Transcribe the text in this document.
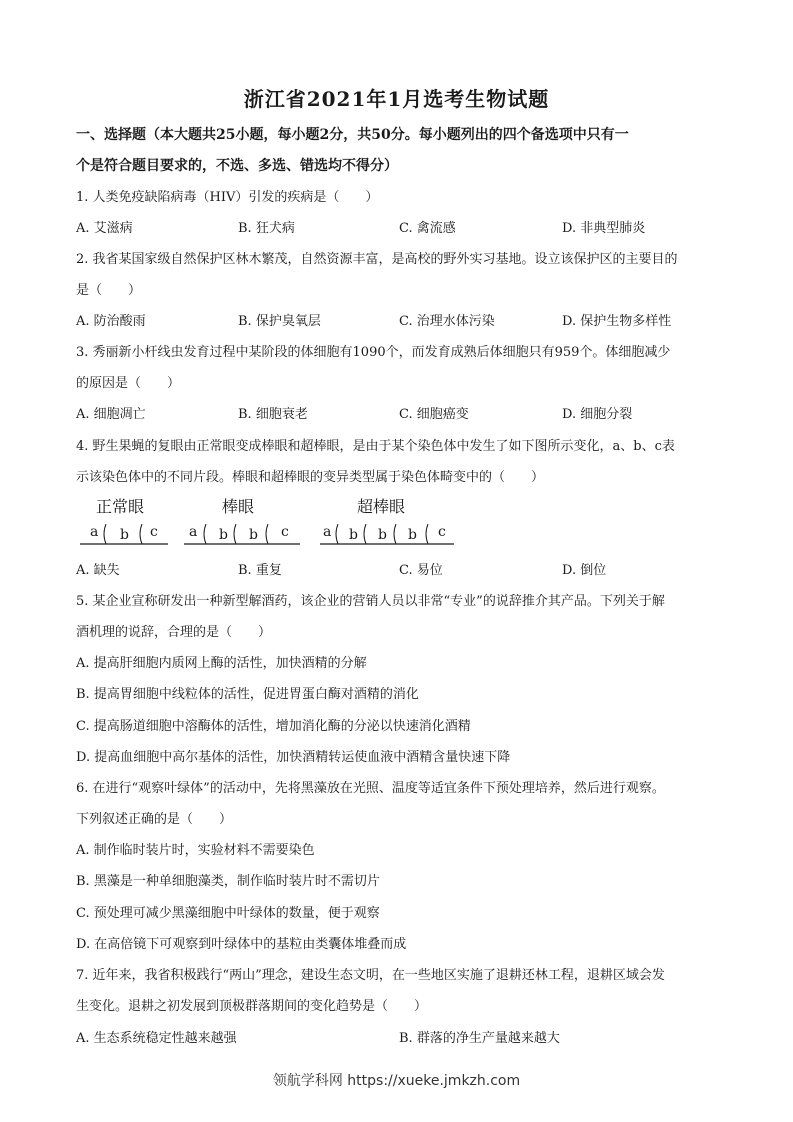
浙江省2021年1月选考生物试题
一、选择题（本大题共25小题，每小题2分，共50分。每小题列出的四个备选项中只有一
个是符合题目要求的，不选、多选、错选均不得分）
1. 人类免疫缺陷病毒（HIV）引发的疾病是（　　）
A. 艾滋病	B. 狂犬病	C. 禽流感	D. 非典型肺炎
2. 我省某国家级自然保护区林木繁茂，自然资源丰富，是高校的野外实习基地。设立该保护区的主要目的
是（　　）
A. 防治酸雨	B. 保护臭氧层	C. 治理水体污染	D. 保护生物多样性
3. 秀丽新小杆线虫发育过程中某阶段的体细胞有1090个，而发育成熟后体细胞只有959个。体细胞减少
的原因是（　　）
A. 细胞凋亡	B. 细胞衰老	C. 细胞癌变	D. 细胞分裂
4. 野生果蝇的复眼由正常眼变成棒眼和超棒眼，是由于某个染色体中发生了如下图所示变化，a、b、c表
示该染色体中的不同片段。棒眼和超棒眼的变异类型属于染色体畸变中的（　　）
正常眼	棒眼	超棒眼
a b c a b b c a b b b c
A. 缺失	B. 重复	C. 易位	D. 倒位
5. 某企业宣称研发出一种新型解酒药，该企业的营销人员以非常“专业”的说辞推介其产品。下列关于解
酒机理的说辞，合理的是（　　）
A. 提高肝细胞内质网上酶的活性，加快酒精的分解
B. 提高胃细胞中线粒体的活性，促进胃蛋白酶对酒精的消化
C. 提高肠道细胞中溶酶体的活性，增加消化酶的分泌以快速消化酒精
D. 提高血细胞中高尔基体的活性，加快酒精转运使血液中酒精含量快速下降
6. 在进行“观察叶绿体”的活动中，先将黑藻放在光照、温度等适宜条件下预处理培养，然后进行观察。
下列叙述正确的是（　　）
A. 制作临时装片时，实验材料不需要染色
B. 黑藻是一种单细胞藻类，制作临时装片时不需切片
C. 预处理可减少黑藻细胞中叶绿体的数量，便于观察
D. 在高倍镜下可观察到叶绿体中的基粒由类囊体堆叠而成
7. 近年来，我省积极践行“两山”理念，建设生态文明，在一些地区实施了退耕还林工程，退耕区域会发
生变化。退耕之初发展到顶极群落期间的变化趋势是（　　）
A. 生态系统稳定性越来越强	B. 群落的净生产量越来越大
领航学科网 https://xueke.jmkzh.com
